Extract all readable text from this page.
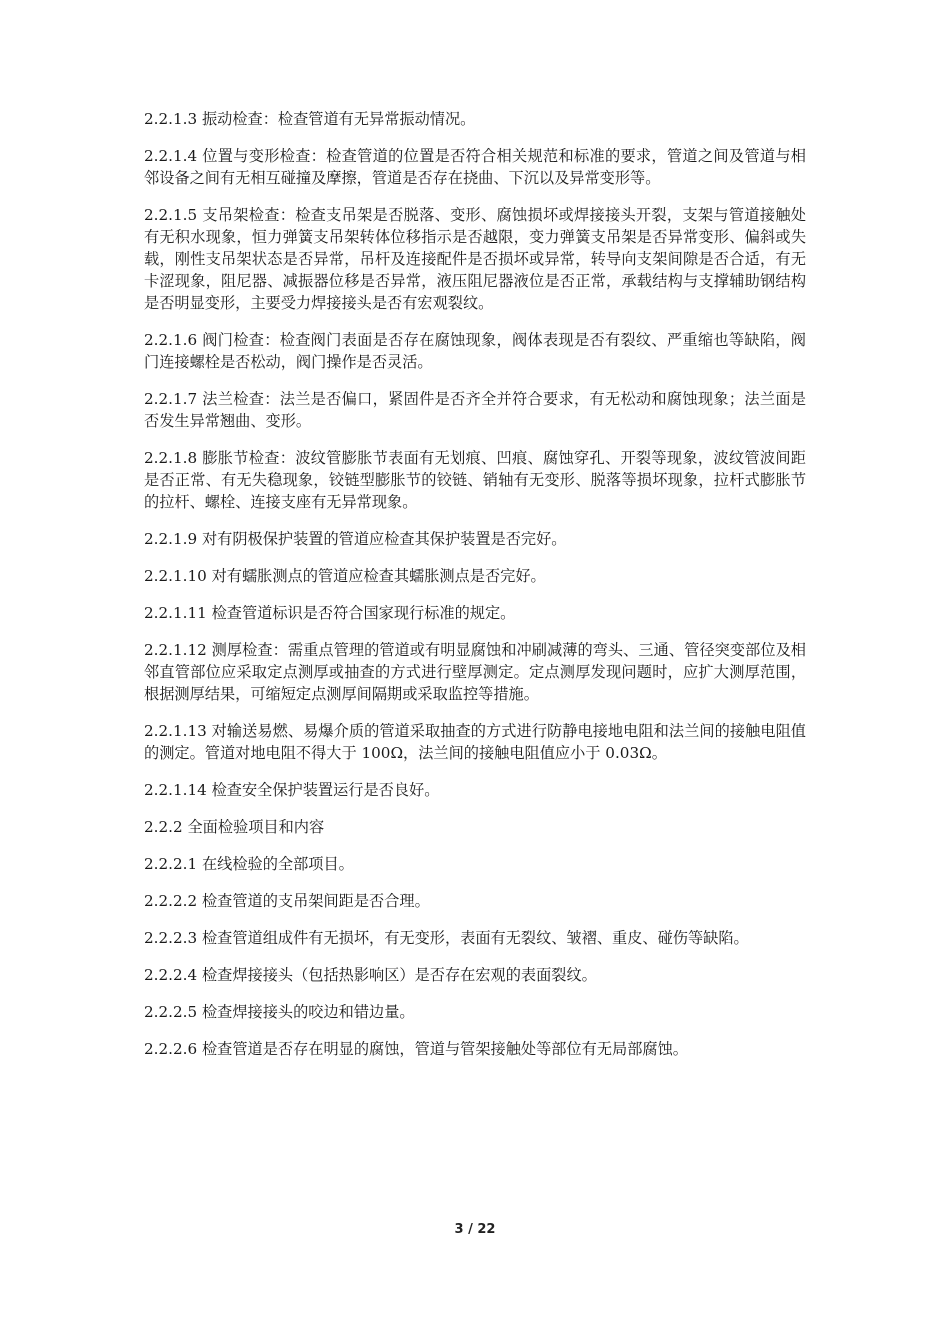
2.2.1.3 振动检查：检查管道有无异常振动情况。

2.2.1.4 位置与变形检查：检查管道的位置是否符合相关规范和标准的要求，管道之间及管道与相邻设备之间有无相互碰撞及摩擦，管道是否存在挠曲、下沉以及异常变形等。

2.2.1.5 支吊架检查：检查支吊架是否脱落、变形、腐蚀损坏或焊接接头开裂，支架与管道接触处有无积水现象，恒力弹簧支吊架转体位移指示是否越限，变力弹簧支吊架是否异常变形、偏斜或失载，刚性支吊架状态是否异常，吊杆及连接配件是否损坏或异常，转导向支架间隙是否合适，有无卡涩现象，阻尼器、减振器位移是否异常，液压阻尼器液位是否正常，承载结构与支撑辅助钢结构是否明显变形，主要受力焊接接头是否有宏观裂纹。

2.2.1.6 阀门检查：检查阀门表面是否存在腐蚀现象，阀体表现是否有裂纹、严重缩也等缺陷，阀门连接螺栓是否松动，阀门操作是否灵活。

2.2.1.7 法兰检查：法兰是否偏口，紧固件是否齐全并符合要求，有无松动和腐蚀现象；法兰面是否发生异常翘曲、变形。

2.2.1.8 膨胀节检查：波纹管膨胀节表面有无划痕、凹痕、腐蚀穿孔、开裂等现象，波纹管波间距是否正常、有无失稳现象，铰链型膨胀节的铰链、销轴有无变形、脱落等损坏现象，拉杆式膨胀节的拉杆、螺栓、连接支座有无异常现象。

2.2.1.9 对有阴极保护装置的管道应检查其保护装置是否完好。

2.2.1.10 对有蠕胀测点的管道应检查其蠕胀测点是否完好。

2.2.1.11 检查管道标识是否符合国家现行标准的规定。

2.2.1.12 测厚检查：需重点管理的管道或有明显腐蚀和冲刷减薄的弯头、三通、管径突变部位及相邻直管部位应采取定点测厚或抽查的方式进行壁厚测定。定点测厚发现问题时，应扩大测厚范围，根据测厚结果，可缩短定点测厚间隔期或采取监控等措施。

2.2.1.13 对输送易燃、易爆介质的管道采取抽查的方式进行防静电接地电阻和法兰间的接触电阻值的测定。管道对地电阻不得大于 100Ω，法兰间的接触电阻值应小于 0.03Ω。

2.2.1.14 检查安全保护装置运行是否良好。

2.2.2 全面检验项目和内容

2.2.2.1 在线检验的全部项目。

2.2.2.2 检查管道的支吊架间距是否合理。

2.2.2.3 检查管道组成件有无损坏，有无变形，表面有无裂纹、皱褶、重皮、碰伤等缺陷。

2.2.2.4 检查焊接接头（包括热影响区）是否存在宏观的表面裂纹。

2.2.2.5 检查焊接接头的咬边和错边量。

2.2.2.6 检查管道是否存在明显的腐蚀，管道与管架接触处等部位有无局部腐蚀。

3 / 22
